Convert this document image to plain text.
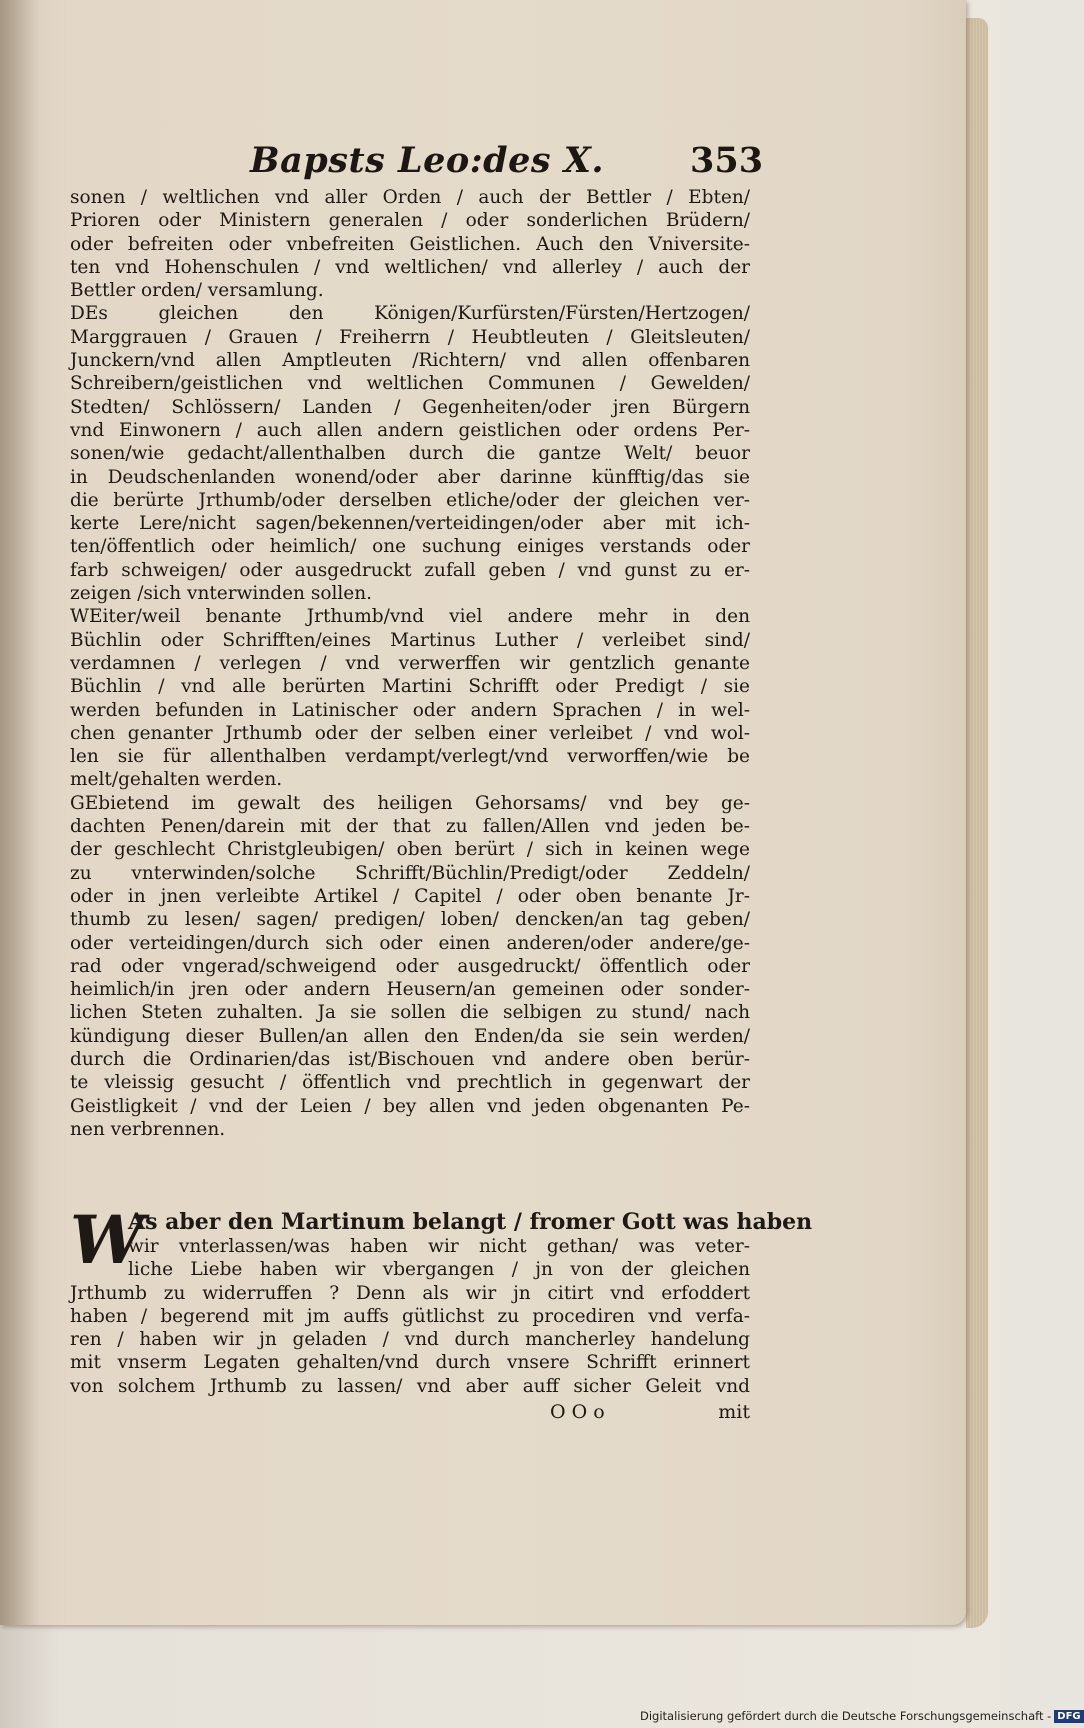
Bapsts Leo:des X. 353
sonen / weltlichen vnd aller Orden / auch der Bettler / Ebten/
Prioren oder Ministern generalen / oder sonderlichen Brüdern/
oder befreiten oder vnbefreiten Geistlichen. Auch den Vniversite-
ten vnd Hohenschulen / vnd weltlichen/ vnd allerley / auch der
Bettler orden/ versamlung.
DEs gleichen den Königen/Kurfürsten/Fürsten/Hertzogen/
Marggrauen / Grauen / Freiherrn / Heubtleuten / Gleitsleuten/
Junckern/vnd allen Amptleuten /Richtern/ vnd allen offenbaren
Schreibern/geistlichen vnd weltlichen Communen / Gewelden/
Stedten/ Schlössern/ Landen / Gegenheiten/oder jren Bürgern
vnd Einwonern / auch allen andern geistlichen oder ordens Per-
sonen/wie gedacht/allenthalben durch die gantze Welt/ beuor
in Deudschenlanden wonend/oder aber darinne künfftig/das sie
die berürte Jrthumb/oder derselben etliche/oder der gleichen ver-
kerte Lere/nicht sagen/bekennen/verteidingen/oder aber mit ich-
ten/öffentlich oder heimlich/ one suchung einiges verstands oder
farb schweigen/ oder ausgedruckt zufall geben / vnd gunst zu er-
zeigen /sich vnterwinden sollen.
WEiter/weil benante Jrthumb/vnd viel andere mehr in den
Büchlin oder Schrifften/eines Martinus Luther / verleibet sind/
verdamnen / verlegen / vnd verwerffen wir gentzlich genante
Büchlin / vnd alle berürten Martini Schrifft oder Predigt / sie
werden befunden in Latinischer oder andern Sprachen / in wel-
chen genanter Jrthumb oder der selben einer verleibet / vnd wol-
len sie für allenthalben verdampt/verlegt/vnd verworffen/wie be
melt/gehalten werden.
GEbietend im gewalt des heiligen Gehorsams/ vnd bey ge-
dachten Penen/darein mit der that zu fallen/Allen vnd jeden be-
der geschlecht Christgleubigen/ oben berürt / sich in keinen wege
zu vnterwinden/solche Schrifft/Büchlin/Predigt/oder Zeddeln/
oder in jnen verleibte Artikel / Capitel / oder oben benante Jr-
thumb zu lesen/ sagen/ predigen/ loben/ dencken/an tag geben/
oder verteidingen/durch sich oder einen anderen/oder andere/ge-
rad oder vngerad/schweigend oder ausgedruckt/ öffentlich oder
heimlich/in jren oder andern Heusern/an gemeinen oder sonder-
lichen Steten zuhalten. Ja sie sollen die selbigen zu stund/ nach
kündigung dieser Bullen/an allen den Enden/da sie sein werden/
durch die Ordinarien/das ist/Bischouen vnd andere oben berür-
te vleissig gesucht / öffentlich vnd prechtlich in gegenwart der
Geistligkeit / vnd der Leien / bey allen vnd jeden obgenanten Pe-
nen verbrennen.
W
As aber den Martinum belangt / fromer Gott was haben
wir vnterlassen/was haben wir nicht gethan/ was veter-
liche Liebe haben wir vbergangen / jn von der gleichen
Jrthumb zu widerruffen ? Denn als wir jn citirt vnd erfoddert
haben / begerend mit jm auffs gütlichst zu procediren vnd verfa-
ren / haben wir jn geladen / vnd durch mancherley handelung
mit vnserm Legaten gehalten/vnd durch vnsere Schrifft erinnert
von solchem Jrthumb zu lassen/ vnd aber auff sicher Geleit vnd
O O o	mit
Digitalisierung gefördert durch die Deutsche Forschungsgemeinschaft - DFG
